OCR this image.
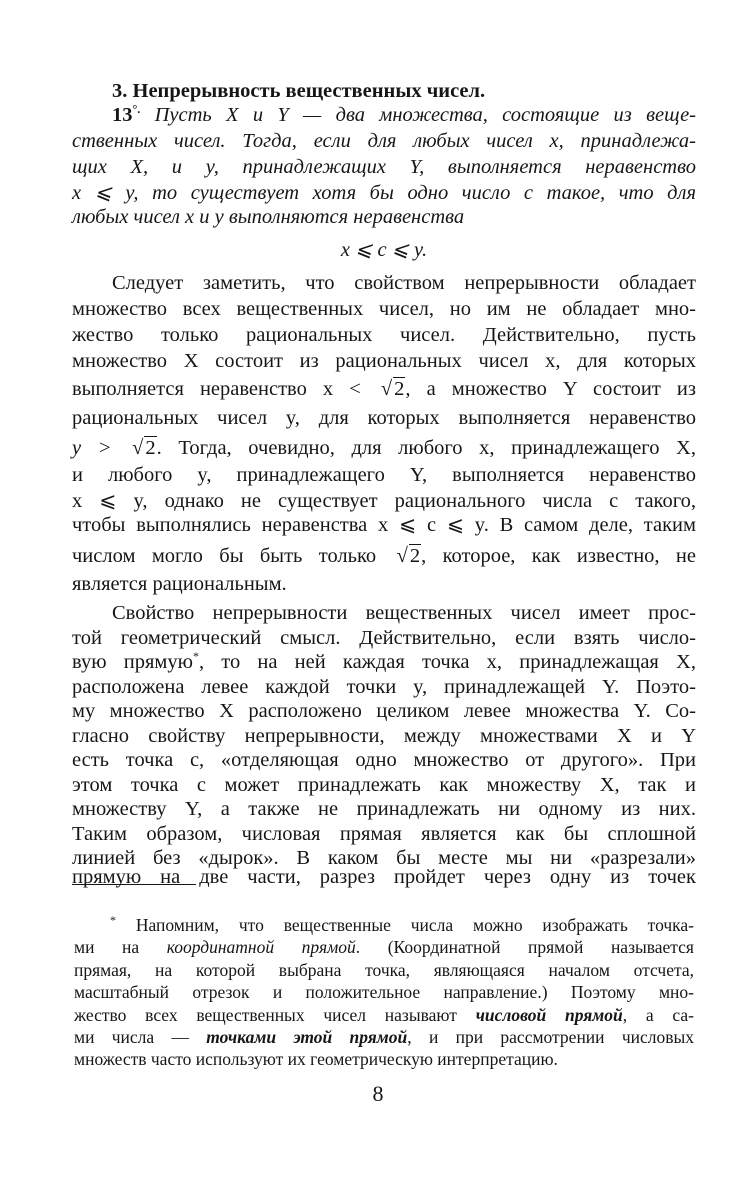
3. Непрерывность вещественных чисел.
13°. Пусть X и Y — два множества, состоящие из веще-
ственных чисел. Тогда, если для любых чисел x, принадлежа-
щих X, и y, принадлежащих Y, выполняется неравенство
x ⩽ y, то существует хотя бы одно число c такое, что для
любых чисел x и y выполняются неравенства
x ⩽ c ⩽ y.
Следует заметить, что свойством непрерывности обладает
множество всех вещественных чисел, но им не обладает мно-
жество только рациональных чисел. Действительно, пусть
множество X состоит из рациональных чисел x, для которых
выполняется неравенство x < √2, а множество Y состоит из
рациональных чисел y, для которых выполняется неравенство
y > √2. Тогда, очевидно, для любого x, принадлежащего X,
и любого y, принадлежащего Y, выполняется неравенство
x ⩽ y, однако не существует рационального числа c такого,
чтобы выполнялись неравенства x ⩽ c ⩽ y. В самом деле, таким
числом могло бы быть только √2, которое, как известно, не
является рациональным.
Свойство непрерывности вещественных чисел имеет прос-
той геометрический смысл. Действительно, если взять число-
вую прямую*, то на ней каждая точка x, принадлежащая X,
расположена левее каждой точки y, принадлежащей Y. Поэто-
му множество X расположено целиком левее множества Y. Со-
гласно свойству непрерывности, между множествами X и Y
есть точка c, «отделяющая одно множество от другого». При
этом точка c может принадлежать как множеству X, так и
множеству Y, а также не принадлежать ни одному из них.
Таким образом, числовая прямая является как бы сплошной
линией без «дырок». В каком бы месте мы ни «разрезали»
прямую на две части, разрез пройдет через одну из точек
* Напомним, что вещественные числа можно изображать точка-
ми на координатной прямой. (Координатной прямой называется
прямая, на которой выбрана точка, являющаяся началом отсчета,
масштабный отрезок и положительное направление.) Поэтому мно-
жество всех вещественных чисел называют числовой прямой, а са-
ми числа — точками этой прямой, и при рассмотрении числовых
множеств часто используют их геометрическую интерпретацию.
8
